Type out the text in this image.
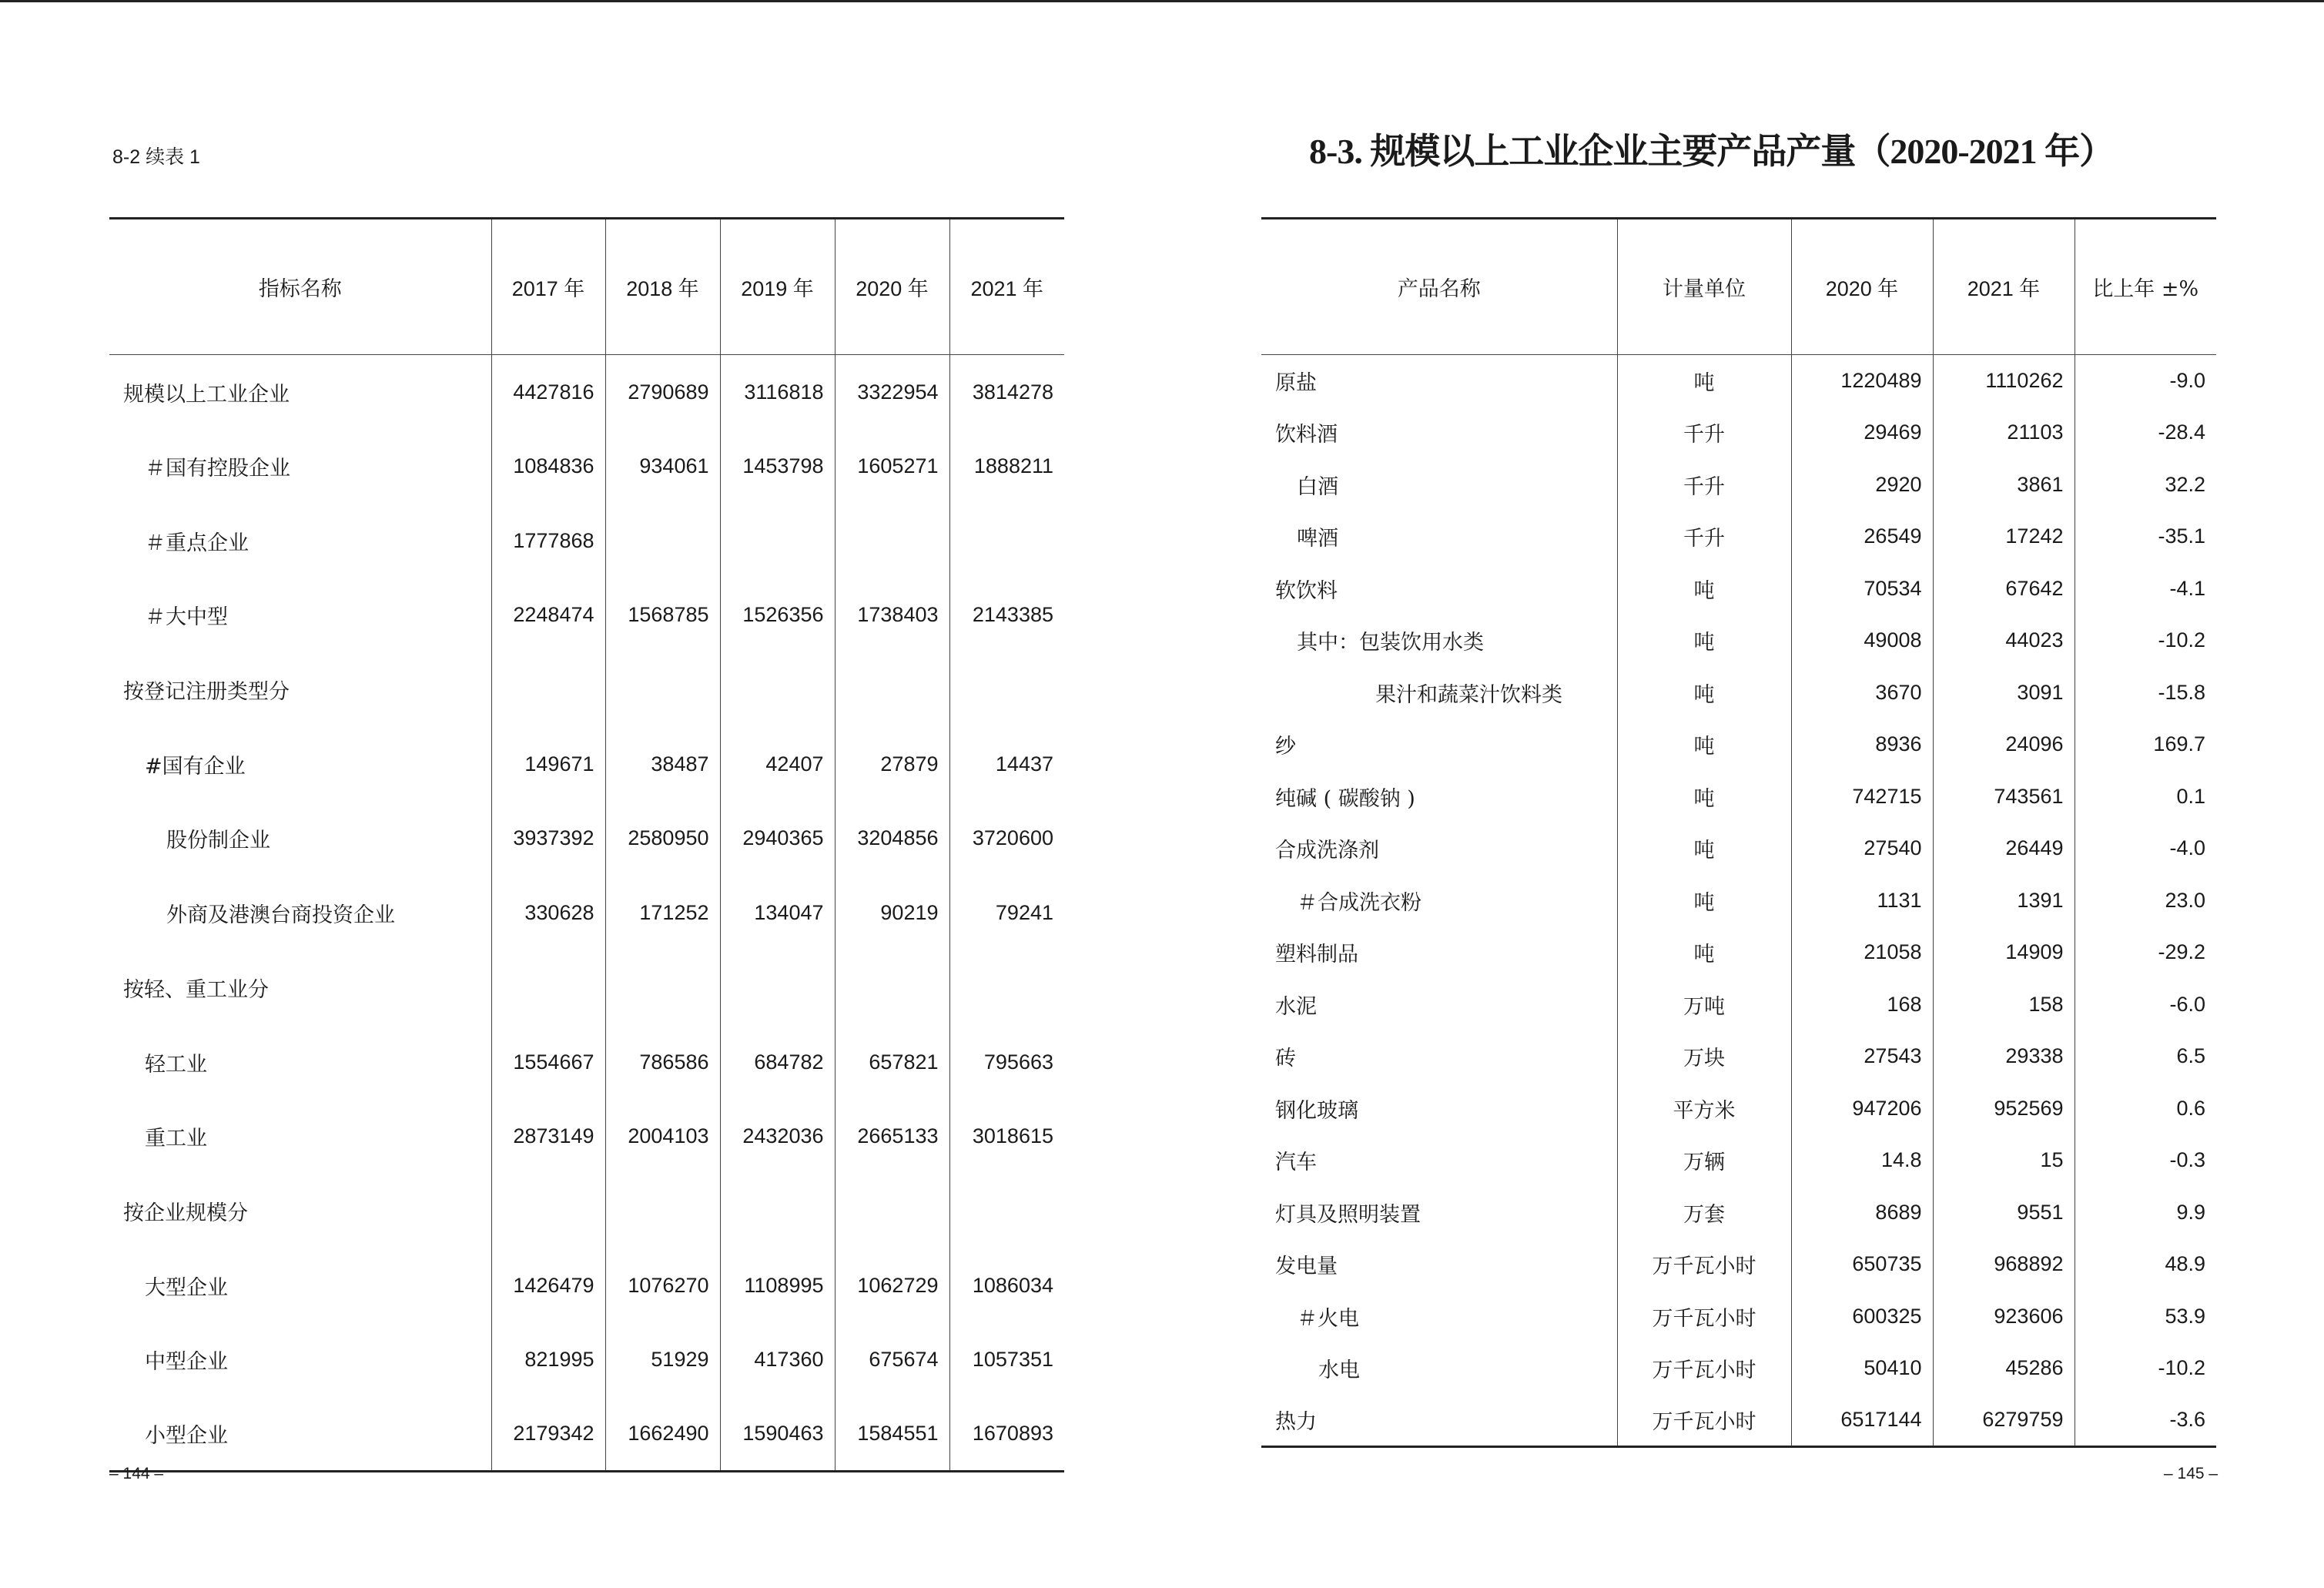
8-2 续表 1	8-3. 规模以上工业企业主要产品产量（2020-2021 年）
指标名称	2017 年	2018 年	2019 年	2020 年	2021 年
规模以上工业企业	4427816	2790689	3116818	3322954	3814278
＃国有控股企业	1084836	934061	1453798	1605271	1888211
＃重点企业	1777868				
＃大中型	2248474	1568785	1526356	1738403	2143385
按登记注册类型分					
#国有企业	149671	38487	42407	27879	14437
股份制企业	3937392	2580950	2940365	3204856	3720600
外商及港澳台商投资企业	330628	171252	134047	90219	79241
按轻、重工业分					
轻工业	1554667	786586	684782	657821	795663
重工业	2873149	2004103	2432036	2665133	3018615
按企业规模分					
大型企业	1426479	1076270	1108995	1062729	1086034
中型企业	821995	51929	417360	675674	1057351
小型企业	2179342	1662490	1590463	1584551	1670893
产品名称	计量单位	2020 年	2021 年	比上年 ±%
原盐	吨	1220489	1110262	-9.0
饮料酒	千升	29469	21103	-28.4
白酒	千升	2920	3861	32.2
啤酒	千升	26549	17242	-35.1
软饮料	吨	70534	67642	-4.1
其中：包装饮用水类	吨	49008	44023	-10.2
果汁和蔬菜汁饮料类	吨	3670	3091	-15.8
纱	吨	8936	24096	169.7
纯碱 ( 碳酸钠 )	吨	742715	743561	0.1
合成洗涤剂	吨	27540	26449	-4.0
＃合成洗衣粉	吨	1131	1391	23.0
塑料制品	吨	21058	14909	-29.2
水泥	万吨	168	158	-6.0
砖	万块	27543	29338	6.5
钢化玻璃	平方米	947206	952569	0.6
汽车	万辆	14.8	15	-0.3
灯具及照明装置	万套	8689	9551	9.9
发电量	万千瓦小时	650735	968892	48.9
＃火电	万千瓦小时	600325	923606	53.9
水电	万千瓦小时	50410	45286	-10.2
热力	万千瓦小时	6517144	6279759	-3.6
– 144 –	– 145 –
